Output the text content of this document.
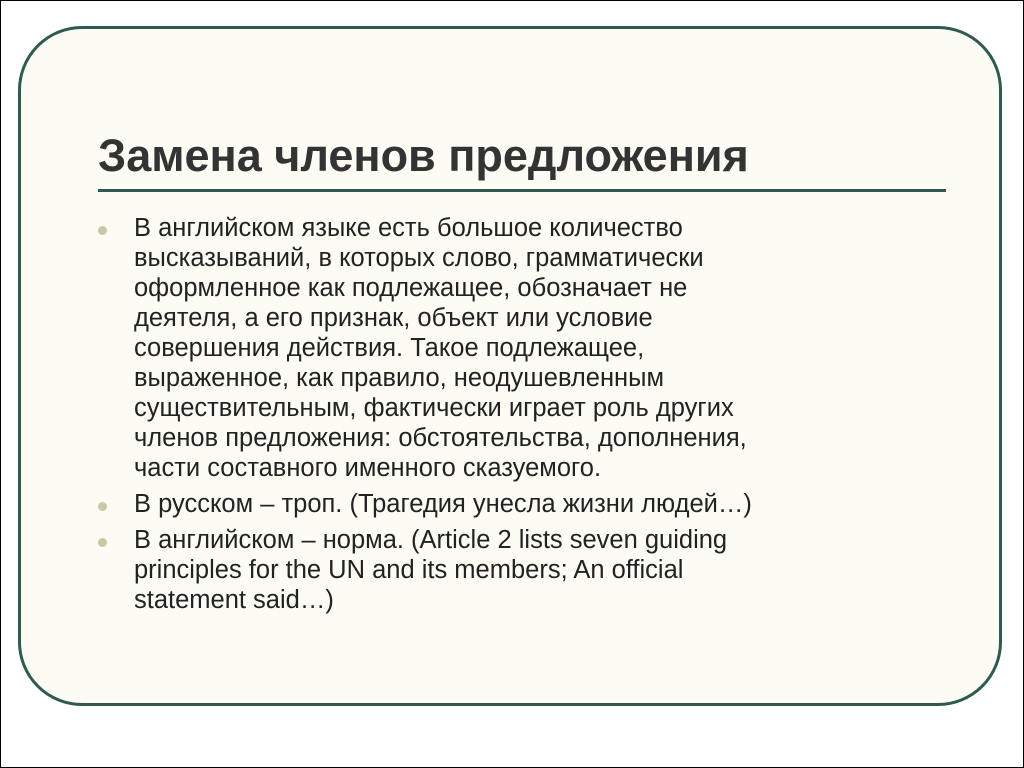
Замена членов предложения
В английском языке есть большое количество
высказываний, в которых слово, грамматически
оформленное как подлежащее, обозначает не
деятеля, а его признак, объект или условие
совершения действия. Такое подлежащее,
выраженное, как правило, неодушевленным
существительным, фактически играет роль других
членов предложения: обстоятельства, дополнения,
части составного именного сказуемого.
В русском – троп. (Трагедия унесла жизни людей…)
В английском – норма. (Article 2 lists seven guiding
principles for the UN and its members; An official
statement said…)
